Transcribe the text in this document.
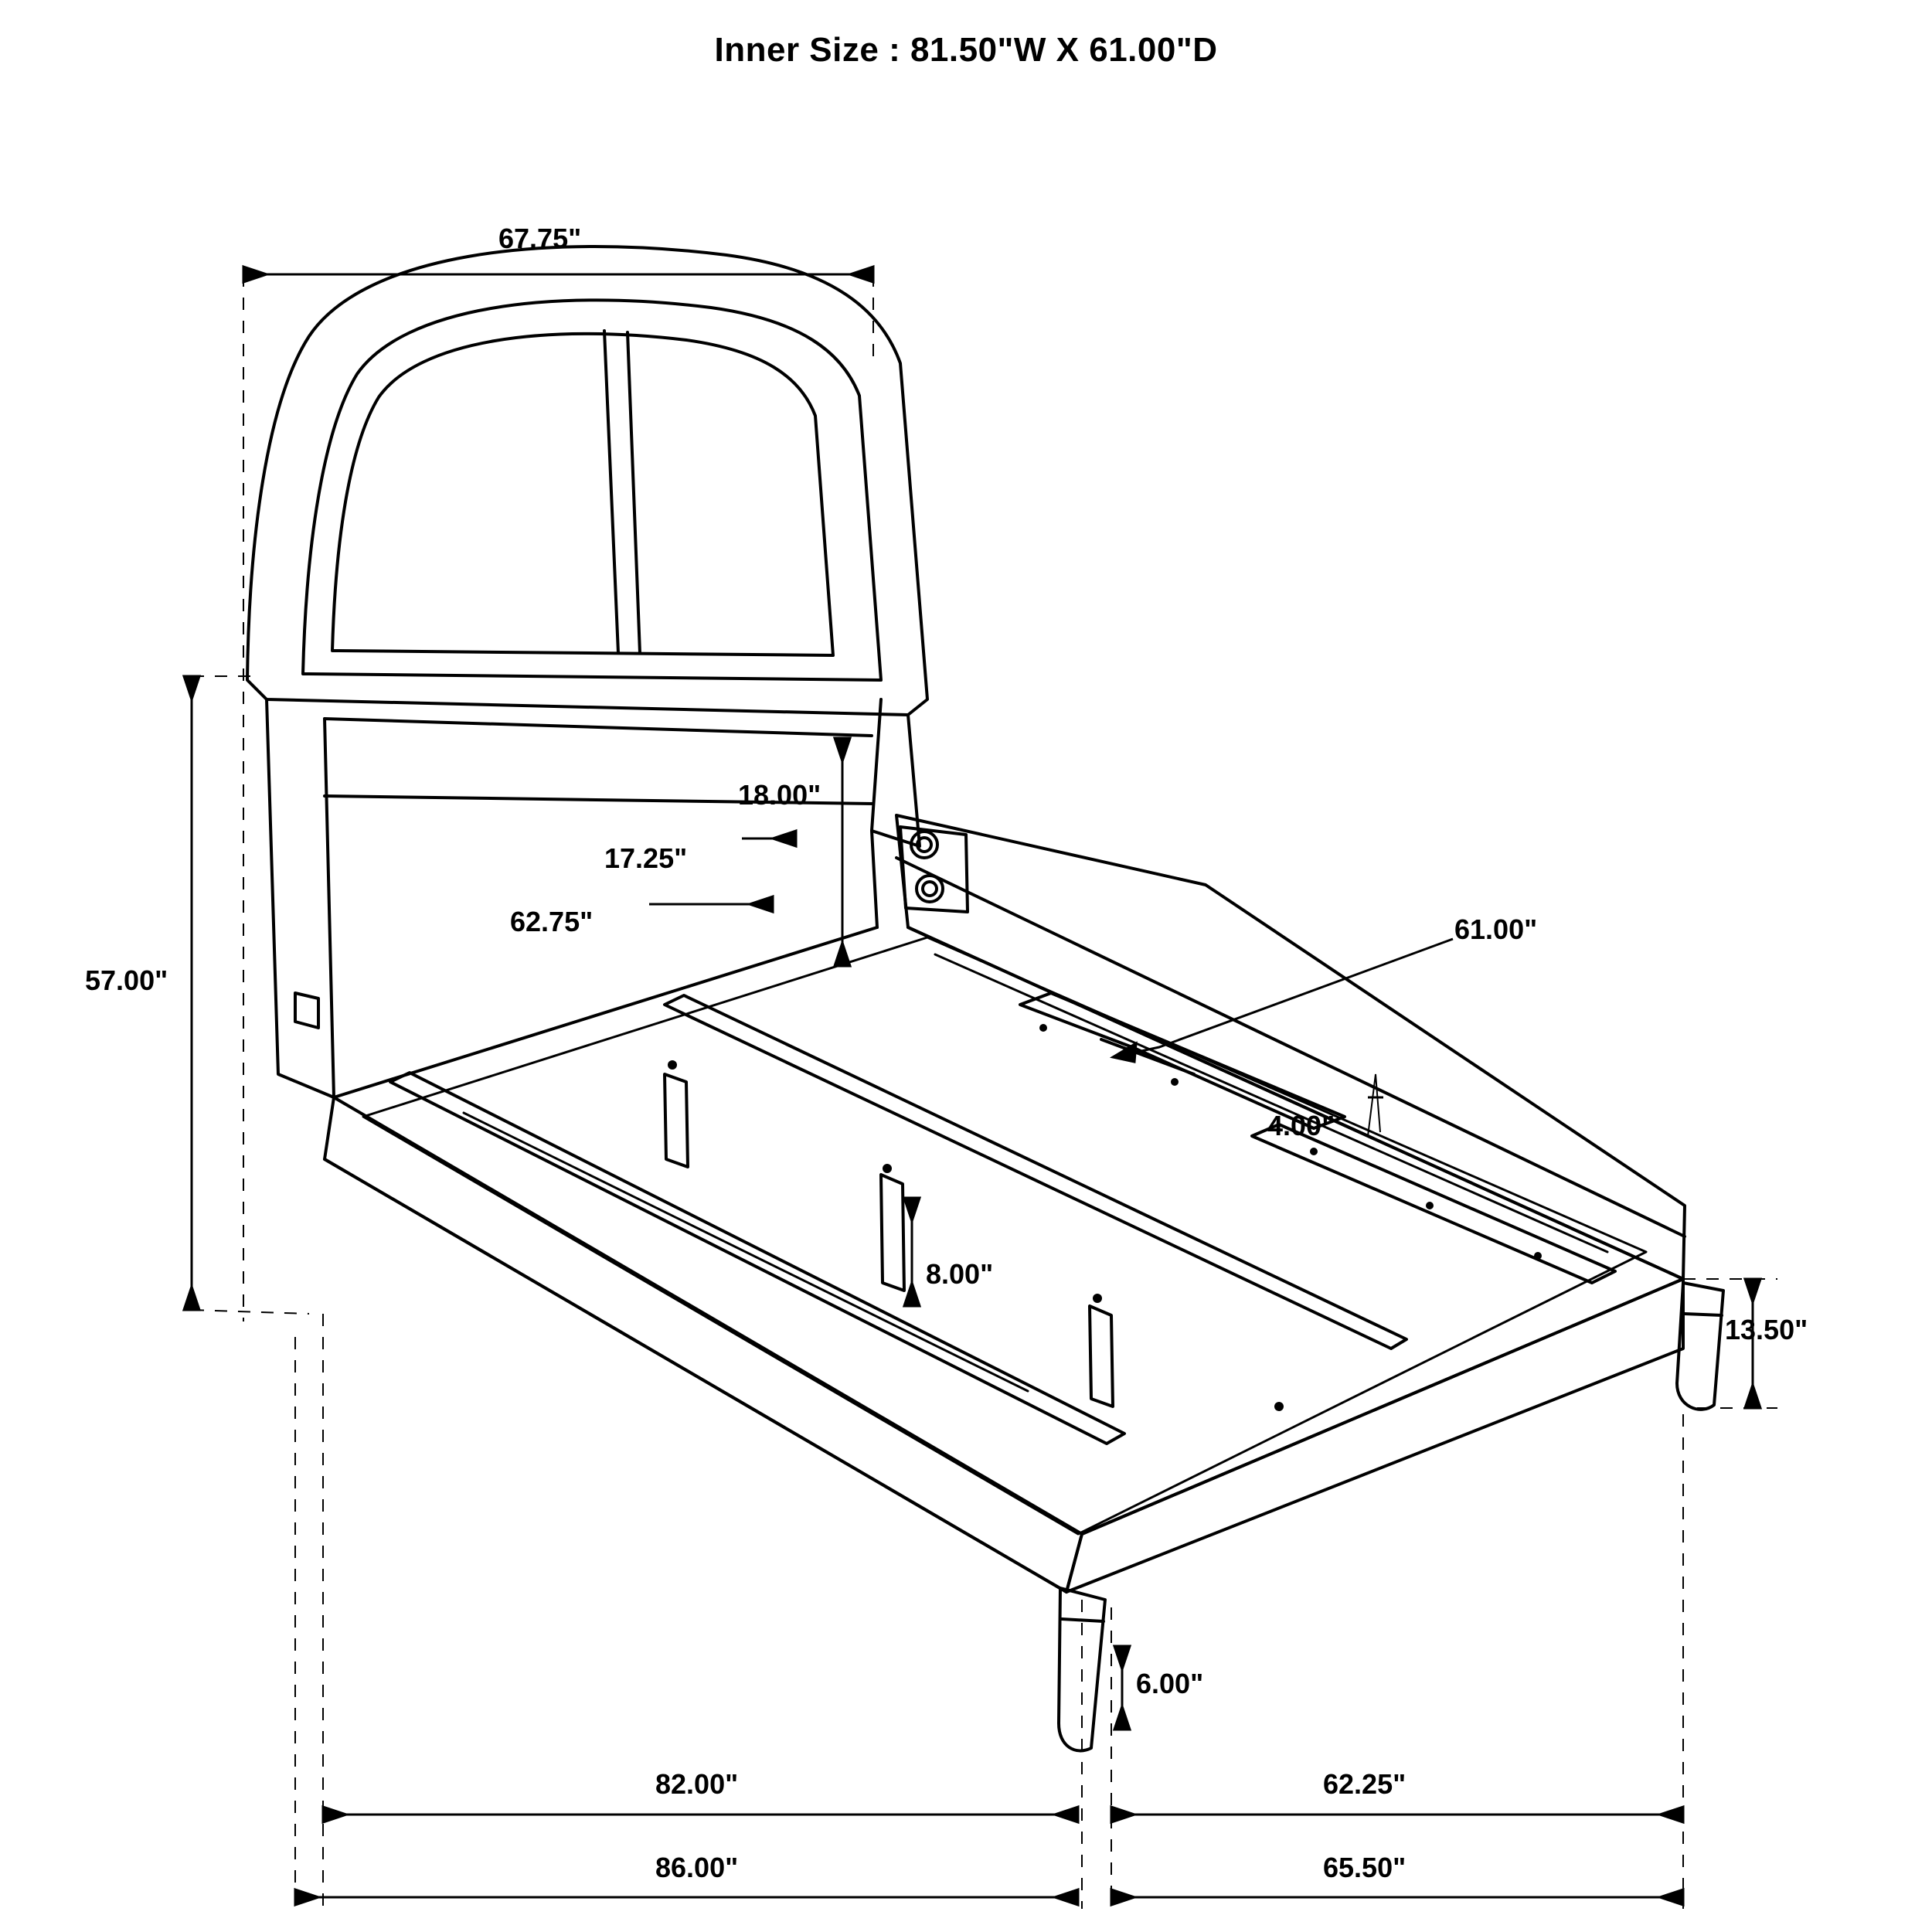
Inner Size : 81.50"W X 61.00"D
67.75"
57.00"
18.00"
17.25"
62.75"	61.00"
4.00"
8.00"
13.50"
6.00"
82.00"	62.25"
86.00"	65.50"
